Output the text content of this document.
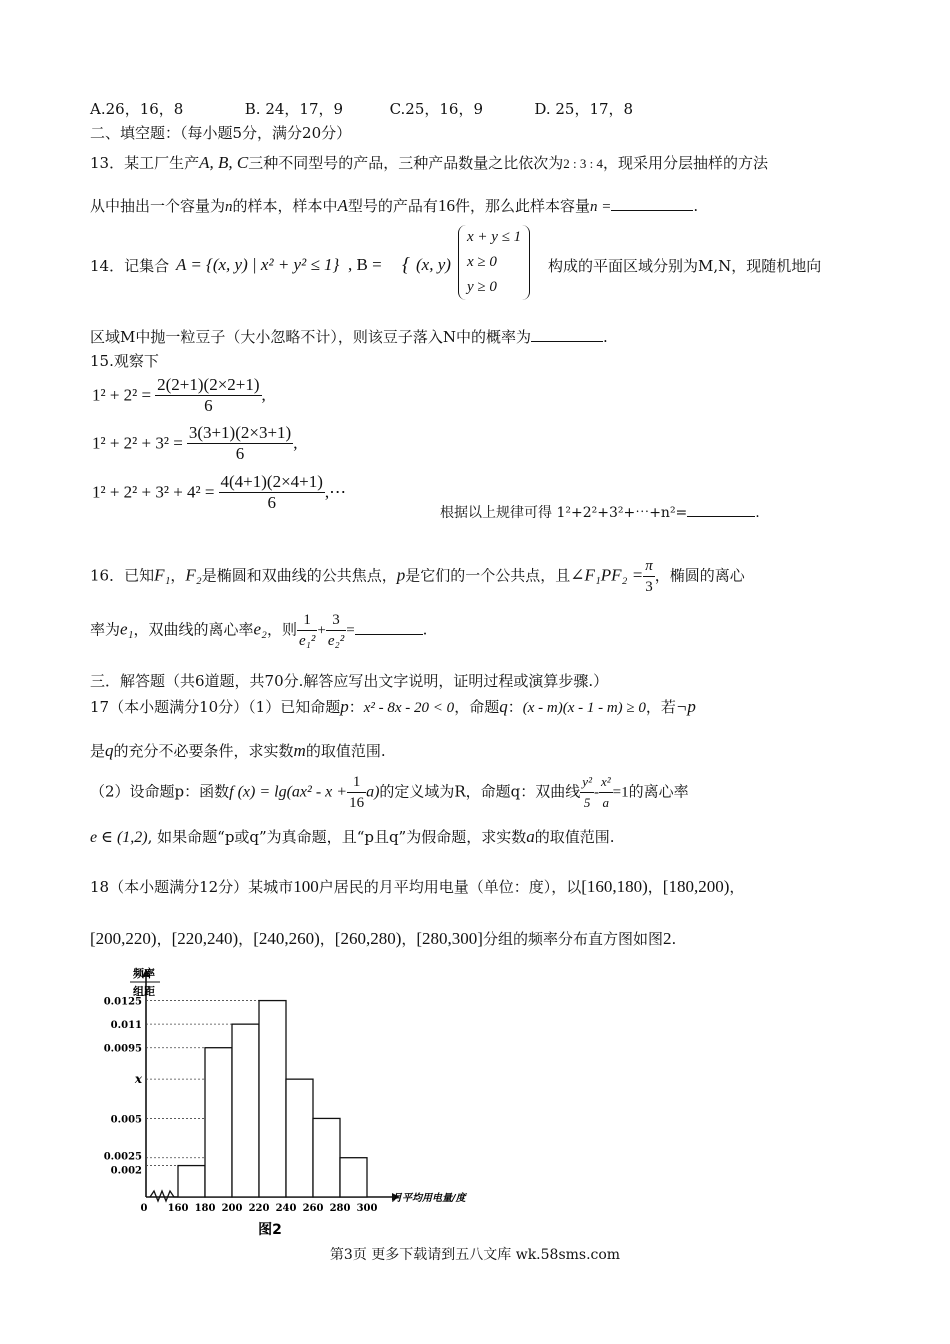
A.26，16，8	B. 24，17，9	C.25，16，9	D. 25，17，8
二、填空题：（每小题5分，满分20分）
13．某工厂生产A, B, C三种不同型号的产品，三种产品数量之比依次为2 : 3 : 4，现采用分层抽样的方法
从中抽出一个容量为n的样本，样本中A型号的产品有16件，那么此样本容量n =	.
14．记集合 A = {(x, y) | x² + y² ≤ 1} , B = { (x, y)
x + y ≤ 1
x ≥ 0
y ≥ 0
构成的平面区域分别为M,N，现随机地向
区域M中抛一粒豆子（大小忽略不计），则该豆子落入N中的概率为	.
15.观察下
$1^2 + 2^2 = \frac{2(2+1)(2\times 2+1)}{6}$ ,
$1^2 + 2^2 + 3^2 = \frac{3(3+1)(2\times 3+1)}{6}$ ,
$1^2 + 2^2 + 3^2 + 4^2 = \frac{4(4+1)(2\times 4+1)}{6}$ ,⋯
根据以上规律可得 1²+2²+3²+⋯+n²=	.
16．已知F₁，F₂是椭圆和双曲线的公共焦点，p是它们的一个公共点，且∠F₁PF₂ = $\frac{\pi}{3}$ ，椭圆的离心
率为e₁，双曲线的离心率e₂，则 $\frac{1}{\text{e₁²}} + \frac{3}{\text{e₂²}}$ =	.
三．解答题（共6道题，共70分.解答应写出文字说明，证明过程或演算步骤.）
17（本小题满分10分）（1）已知命题p：x² - 8x - 20 < 0，命题q：(x - m)(x - 1 - m) ≥ 0，若¬p
是q的充分不必要条件，求实数m的取值范围.
（2）设命题p：函数f $(x) = \lg(ax^2 - x + \frac{1}{16} a)$的定义域为R，命题q：双曲线 $\frac{\text{y²}}{5} - \frac{\text{x²}}{a} =1$的离心率
e ∈ (1,2), 如果命题“p或q”为真命题，且“p且q”为假命题，求实数a的取值范围.
18（本小题满分12分）某城市100户居民的月平均用电量（单位：度），以[160,180)，[180,200)，
[200,220)，[220,240)，[240,260)，[260,280)，[280,300]分组的频率分布直方图如图2.
频率
组距
0.0125
0.011
0.0095
x
0.005
0.0025
0.002
0 160 180 200 220 240 260 280 300
月平均用电量/度
图2
第3页 更多下载请到五八文库 wk.58sms.com
